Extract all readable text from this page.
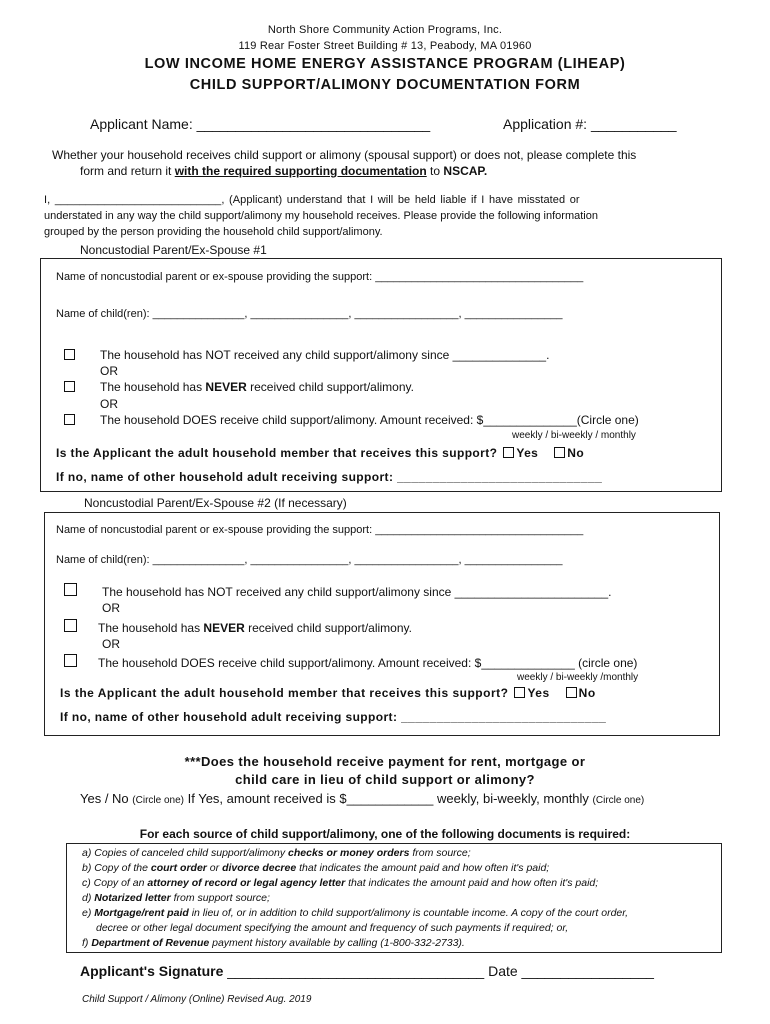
North Shore Community Action Programs, Inc.
119 Rear Foster Street Building # 13, Peabody, MA 01960
LOW INCOME HOME ENERGY ASSISTANCE PROGRAM (LIHEAP)
CHILD SUPPORT/ALIMONY DOCUMENTATION FORM
Applicant Name: ______________________________	Application #: ___________
Whether your household receives child support or alimony (spousal support) or does not, please complete this
form and return it with the required supporting documentation to NSCAP.
I, ___________________________, (Applicant) understand that I will be held liable if I have misstated or
understated in any way the child support/alimony my household receives. Please provide the following information
grouped by the person providing the household child support/alimony.
Noncustodial Parent/Ex-Spouse #1
Name of noncustodial parent or ex-spouse providing the support: __________________________________
Name of child(ren): _______________, ________________, _________________, ________________
The household has NOT received any child support/alimony since ______________.
OR
The household has NEVER received child support/alimony.
OR
The household DOES receive child support/alimony. Amount received: $______________(Circle one)
weekly / bi-weekly / monthly
Is the Applicant the adult household member that receives this support? Yes No
If no, name of other household adult receiving support: _____________________________
Noncustodial Parent/Ex-Spouse #2 (If necessary)
Name of noncustodial parent or ex-spouse providing the support: __________________________________
Name of child(ren): _______________, ________________, _________________, ________________
The household has NOT received any child support/alimony since _______________________.
OR
The household has NEVER received child support/alimony.
OR
The household DOES receive child support/alimony. Amount received: $______________ (circle one)
weekly / bi-weekly /monthly
Is the Applicant the adult household member that receives this support? Yes No
If no, name of other household adult receiving support: _____________________________
***Does the household receive payment for rent, mortgage or
child care in lieu of child support or alimony?
Yes / No (Circle one) If Yes, amount received is $____________ weekly, bi-weekly, monthly (Circle one)
For each source of child support/alimony, one of the following documents is required:
a) Copies of canceled child support/alimony checks or money orders from source;
b) Copy of the court order or divorce decree that indicates the amount paid and how often it's paid;
c) Copy of an attorney of record or legal agency letter that indicates the amount paid and how often it's paid;
d) Notarized letter from support source;
e) Mortgage/rent paid in lieu of, or in addition to child support/alimony is countable income. A copy of the court order,
decree or other legal document specifying the amount and frequency of such payments if required; or,
f) Department of Revenue payment history available by calling (1-800-332-2733).
Applicant's Signature _________________________________ Date _________________
Child Support / Alimony (Online) Revised Aug. 2019
